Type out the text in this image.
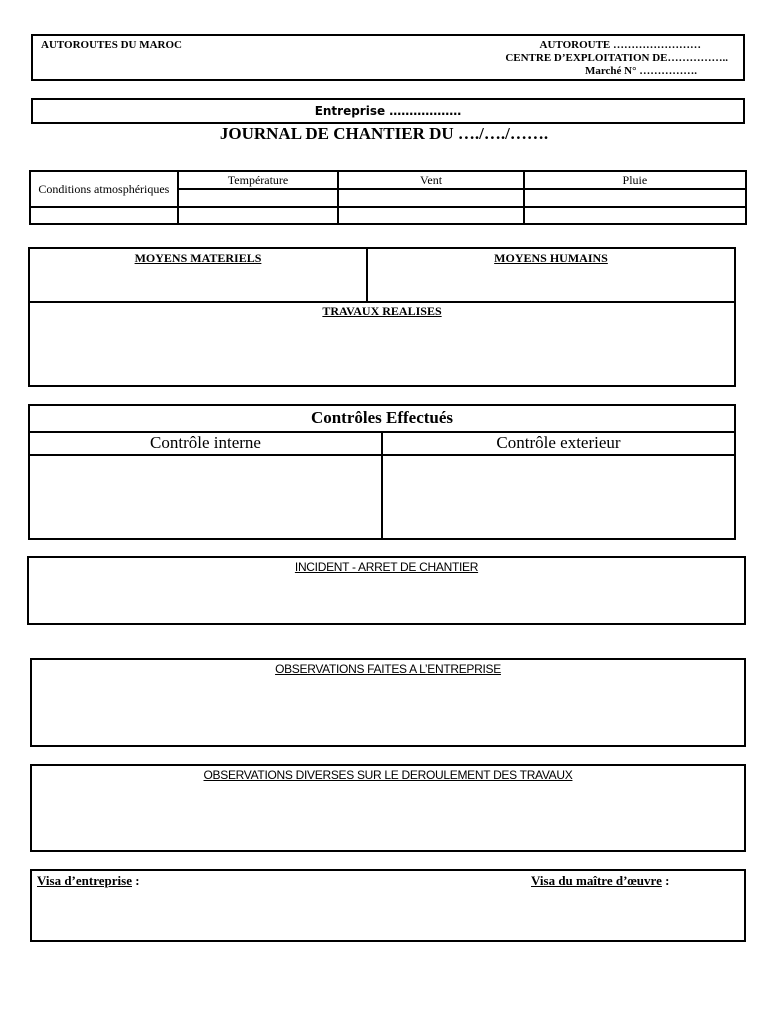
AUTOROUTES DU MAROC	AUTOROUTE ……………………
CENTRE D’EXPLOITATION DE……………..
Marché N° …………….
Entreprise ………………
JOURNAL DE CHANTIER DU …./…./…….
Conditions atmosphériques	Température	Vent	Pluie

MOYENS MATERIELS	MOYENS HUMAINS
TRAVAUX REALISES
Contrôles Effectués
Contrôle interne	Contrôle exterieur
INCIDENT - ARRET DE CHANTIER
OBSERVATIONS FAITES A L’ENTREPRISE
OBSERVATIONS DIVERSES SUR LE DEROULEMENT DES TRAVAUX
Visa d’entreprise :	Visa du maître d’œuvre :
